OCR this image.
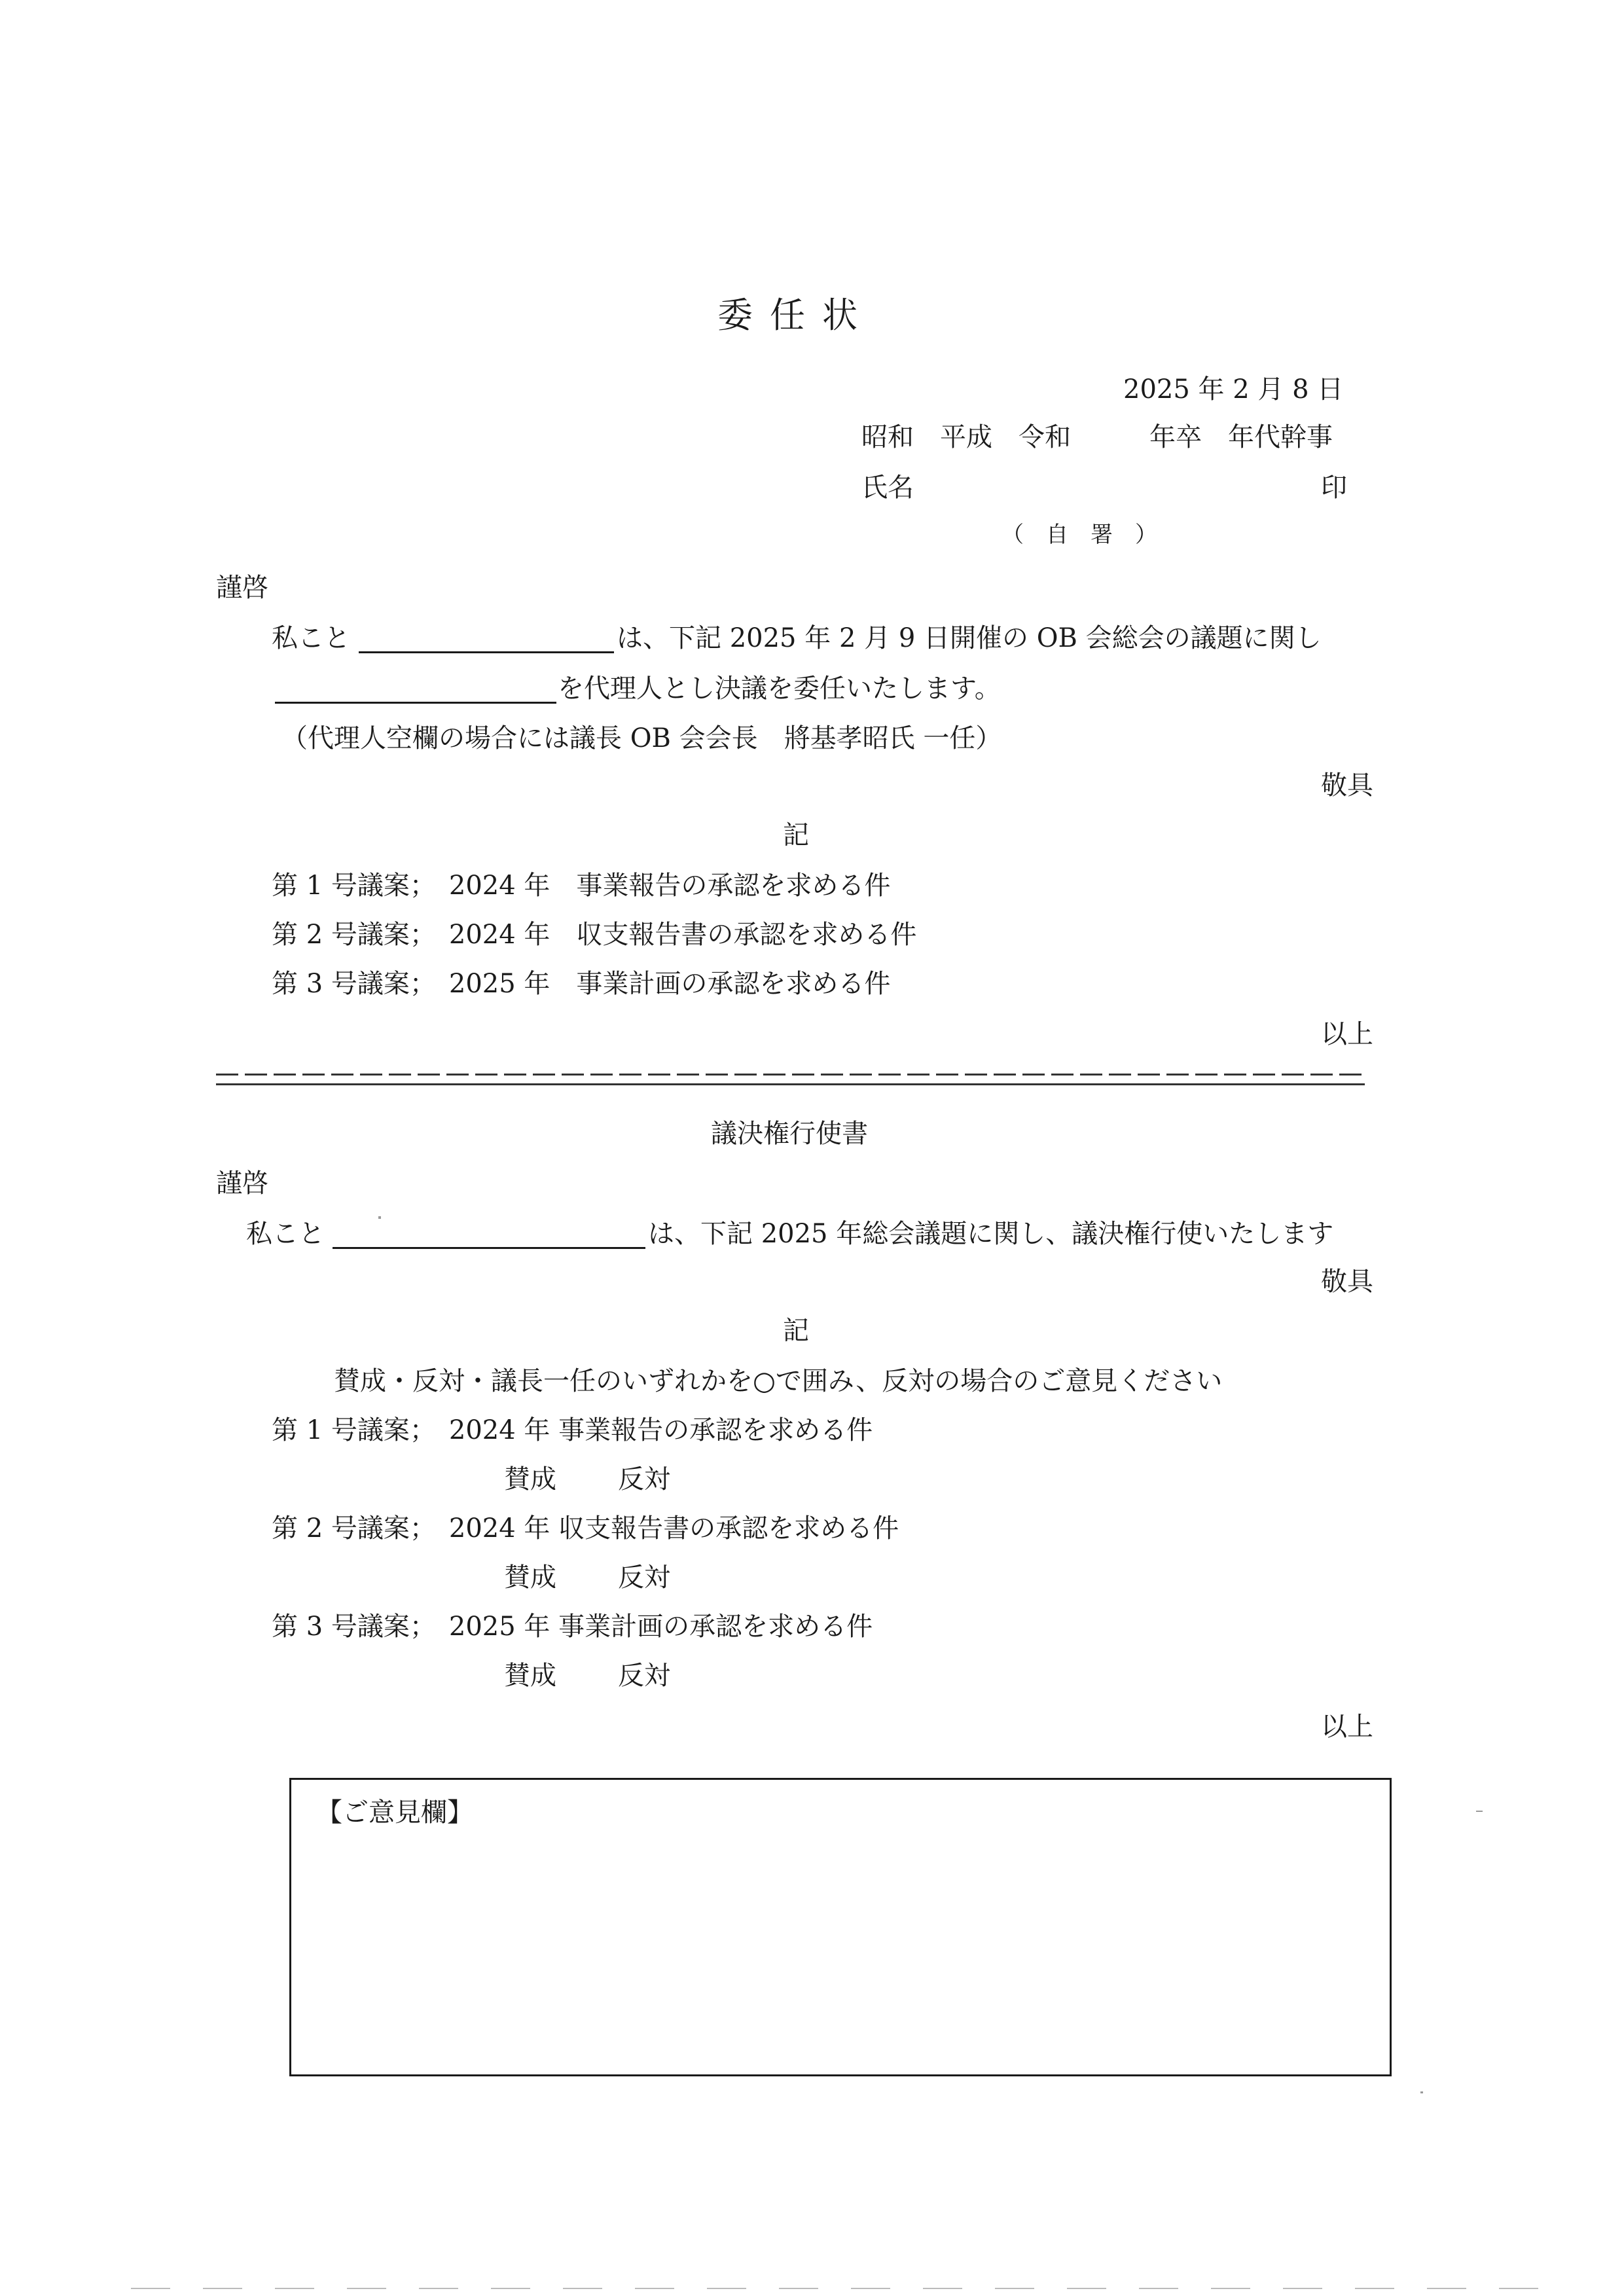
委任状
2025 年 2 月 8 日
昭和　平成　令和　　　年卒　年代幹事
氏名	印
（　自　署　）
謹啓
私こと	は、下記 2025 年 2 月 9 日開催の OB 会総会の議題に関し
を代理人とし決議を委任いたします。
（代理人空欄の場合には議長 OB 会会長　將基孝昭氏 一任）
敬具
記
第 1 号議案；　2024 年　事業報告の承認を求める件
第 2 号議案；　2024 年　収支報告書の承認を求める件
第 3 号議案；　2025 年　事業計画の承認を求める件
以上
議決権行使書
謹啓
私こと	は、下記 2025 年総会議題に関し、議決権行使いたします
敬具
記
賛成・反対・議長一任のいずれかを○で囲み、反対の場合のご意見ください
第 1 号議案；　2024 年 事業報告の承認を求める件
賛成 反対
第 2 号議案；　2024 年 収支報告書の承認を求める件
賛成 反対
第 3 号議案；　2025 年 事業計画の承認を求める件
賛成 反対
以上
【ご意見欄】
